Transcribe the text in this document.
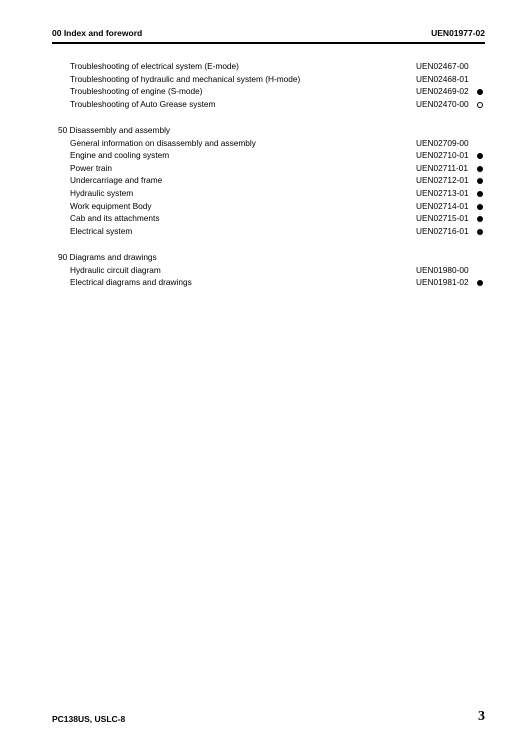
00 Index and foreword	UEN01977-02
Troubleshooting of electrical system (E-mode)	UEN02467-00
Troubleshooting of hydraulic and mechanical system (H-mode)	UEN02468-01
Troubleshooting of engine (S-mode)	UEN02469-02
Troubleshooting of Auto Grease system	UEN02470-00
50 Disassembly and assembly
General information on disassembly and assembly	UEN02709-00
Engine and cooling system	UEN02710-01
Power train	UEN02711-01
Undercarriage and frame	UEN02712-01
Hydraulic system	UEN02713-01
Work equipment Body	UEN02714-01
Cab and its attachments	UEN02715-01
Electrical system	UEN02716-01
90 Diagrams and drawings
Hydraulic circuit diagram	UEN01980-00
Electrical diagrams and drawings	UEN01981-02
PC138US, USLC-8	3
